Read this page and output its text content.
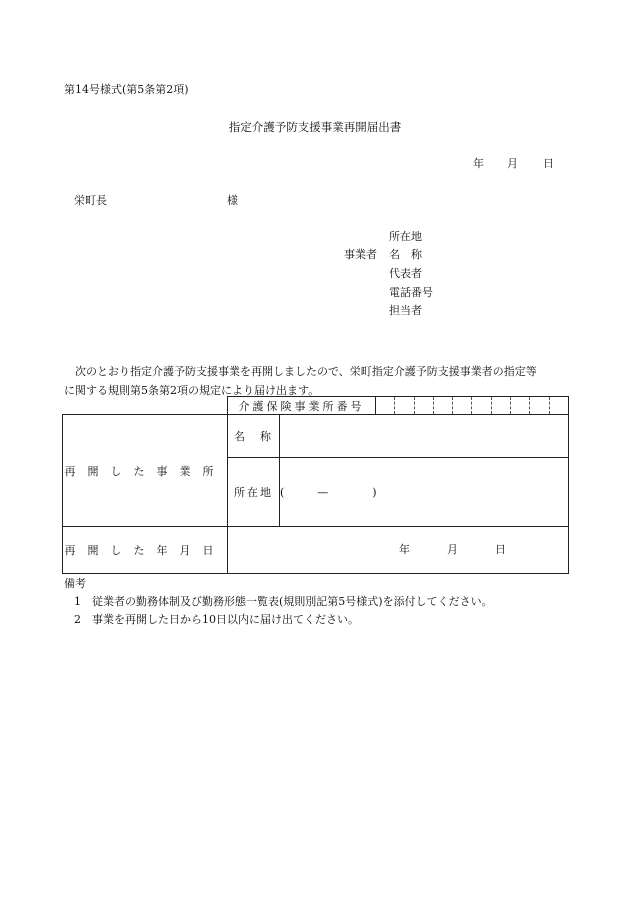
第14号様式(第5条第2項)
指定介護予防支援事業再開届出書
年 月 日
栄町長	様
事業者
所在地
名　称
代表者
電話番号
担当者

次のとおり指定介護予防支援事業を再開しましたので、栄町指定介護予防支援事業者の指定等

に関する規則第5条第2項の規定により届け出ます。

	介護保険事業所番号		

再開した事業所	名　称		
	所在地	(　　　—　　　　)	
再開した年月日	年 月 日		
備考
1　従業者の勤務体制及び勤務形態一覧表(規則別記第5号様式)を添付してください。
2　事業を再開した日から10日以内に届け出てください。
